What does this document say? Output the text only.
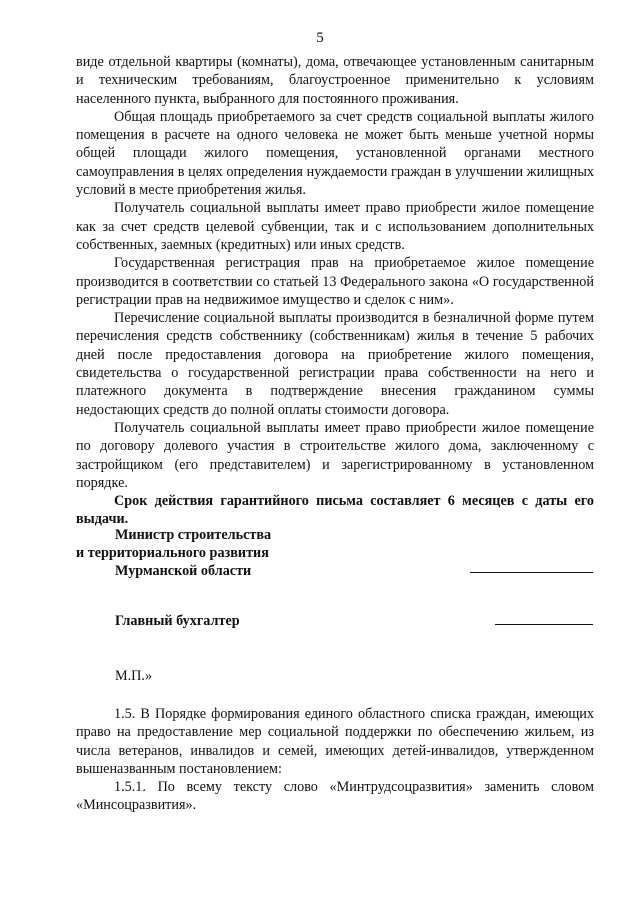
5

виде отдельной квартиры (комнаты), дома, отвечающее установленным санитарным и техническим требованиям, благоустроенное применительно к условиям населенного пункта, выбранного для постоянного проживания.

Общая площадь приобретаемого за счет средств социальной выплаты жилого помещения в расчете на одного человека не может быть меньше учетной нормы общей площади жилого помещения, установленной органами местного самоуправления в целях определения нуждаемости граждан в улучшении жилищных условий в месте приобретения жилья.

Получатель социальной выплаты имеет право приобрести жилое помещение как за счет средств целевой субвенции, так и с использованием дополнительных собственных, заемных (кредитных) или иных средств.

Государственная регистрация прав на приобретаемое жилое помещение производится в соответствии со статьей 13 Федерального закона «О государственной регистрации прав на недвижимое имущество и сделок с ним».

Перечисление социальной выплаты производится в безналичной форме путем перечисления средств собственнику (собственникам) жилья в течение 5 рабочих дней после предоставления договора на приобретение жилого помещения, свидетельства о государственной регистрации права собственности на него и платежного документа в подтверждение внесения гражданином суммы недостающих средств до полной оплаты стоимости договора.

Получатель социальной выплаты имеет право приобрести жилое помещение по договору долевого участия в строительстве жилого дома, заключенному с застройщиком (его представителем) и зарегистрированному в установленном порядке.

Срок действия гарантийного письма составляет 6 месяцев с даты его выдачи.

Министр строительства
и территориального развития
Мурманской области
Главный бухгалтер
М.П.»

1.5. В Порядке формирования единого областного списка граждан, имеющих право на предоставление мер социальной поддержки по обеспечению жильем, из числа ветеранов, инвалидов и семей, имеющих детей-инвалидов, утвержденном вышеназванным постановлением:

1.5.1. По всему тексту слово «Минтрудсоцразвития» заменить словом «Минсоцразвития».
